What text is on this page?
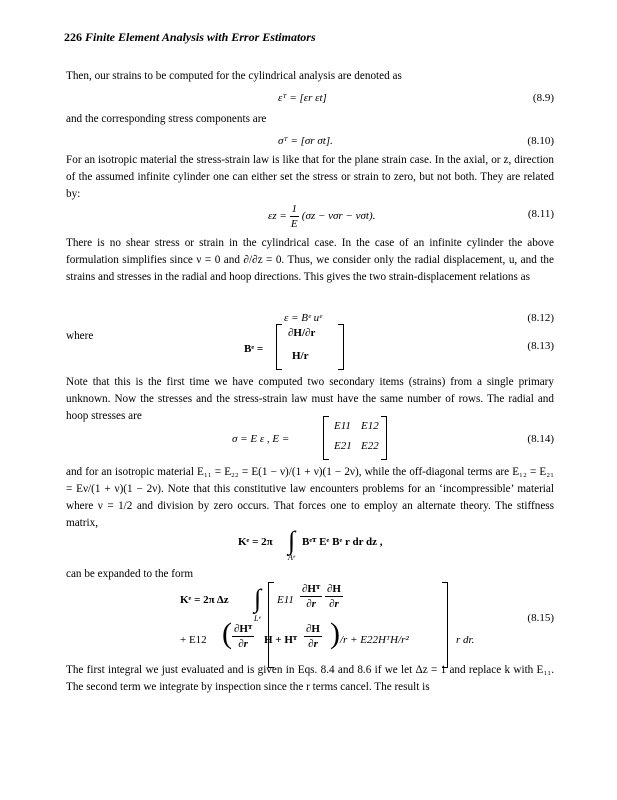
226 Finite Element Analysis with Error Estimators
Then, our strains to be computed for the cylindrical analysis are denoted as
εᵀ = [εr εt]	(8.9)
and the corresponding stress components are
σᵀ = [σr σt].	(8.10)
For an isotropic material the stress-strain law is like that for the plane strain case. In the axial, or z, direction of the assumed infinite cylinder one can either set the stress or strain to zero, but not both. They are related by:
$\varepsilon z = \frac{1}{E} (\sigma z - \nu\sigma r - \nu\sigma t)$.	(8.11)
There is no shear stress or strain in the cylindrical case. In the case of an infinite cylinder the above formulation simplifies since ν = 0 and ∂/∂z = 0. Thus, we consider only the radial displacement, u, and the strains and stresses in the radial and hoop directions. This gives the two strain-displacement relations as
ε = Bᵉ uᵉ	(8.12)
where
Bᵉ =
∂H/∂r
H/r
(8.13)
Note that this is the first time we have computed two secondary items (strains) from a single primary unknown. Now the stresses and the stress-strain law must have the same number of rows. The radial and hoop stresses are
σ = E ε , E =
E11 E12
E21 E22
(8.14)
and for an isotropic material E₁₁ = E₂₂ = E(1 − ν)/(1 + ν)(1 − 2ν), while the off-diagonal terms are E₁₂ = E₂₁ = Eν/(1 + ν)(1 − 2ν). Note that this constitutive law encounters problems for an ‘incompressible’ material where ν = 1/2 and division by zero occurs. That forces one to employ an alternate theory. The stiffness matrix,
Kᵉ = 2π ∫
Aᵉ
Bᵉᵀ Eᵉ Bᵉ r dr dz ,
can be expanded to the form
Kᵉ = 2π Δz ∫
Lᵉ
$E11 \frac{\text{∂Hᵀ}}{\partial r}$
$\frac{\partial H}{\partial r}$
+ E12 ( $\frac{\text{∂Hᵀ}}{\partial r}$ H + Hᵀ $\frac{\partial H}{\partial r}$ ) /r + E22HᵀH/r²	r dr.
(8.15)
The first integral we just evaluated and is given in Eqs. 8.4 and 8.6 if we let Δz = 1 and replace k with E₁₁. The second term we integrate by inspection since the r terms cancel. The result is
